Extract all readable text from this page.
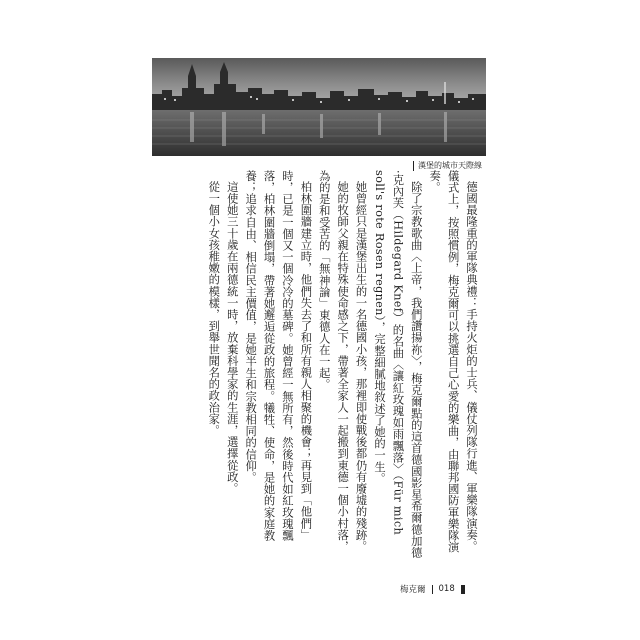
漢堡的城市天際線

德國最隆重的軍隊典禮：手持火炬的士兵、儀仗列隊行進、軍樂隊演奏。儀式上，按照慣例，梅克爾可以挑選自己心愛的樂曲，由聯邦國防軍樂隊演奏。

除了宗教歌曲〈上帝，我們讚揚祢〉，梅克爾點的這首德國影星希爾德加德·克內芙（Hildegard Knef）的名曲〈讓紅玫瑰如雨飄落〉（Für mich soll's rote Rosen regnen），完整細膩地敘述了她的一生。

她曾經只是漢堡出生的一名德國小孩，那裡即使戰後都仍有廢墟的殘跡。

她的牧師父親在特殊使命感之下，帶著全家人一起搬到東德一個小村落，為的是和受苦的「無神論」東德人在一起。

柏林圍牆建立時，他們失去了和所有親人相聚的機會；再見到「他們」時，已是一個又一個冷冷的墓碑。她曾經一無所有，然後時代如紅玫瑰飄落，柏林圍牆倒塌，帶著她邂逅從政的旅程。犧牲、使命，是她的家庭教養；追求自由、相信民主價值，是她半生和宗教相同的信仰。

這使她三十歲在兩德統一時，放棄科學家的生涯，選擇從政。

從一個小女孩稚嫩的模樣，到舉世聞名的政治家。

梅克爾 018
